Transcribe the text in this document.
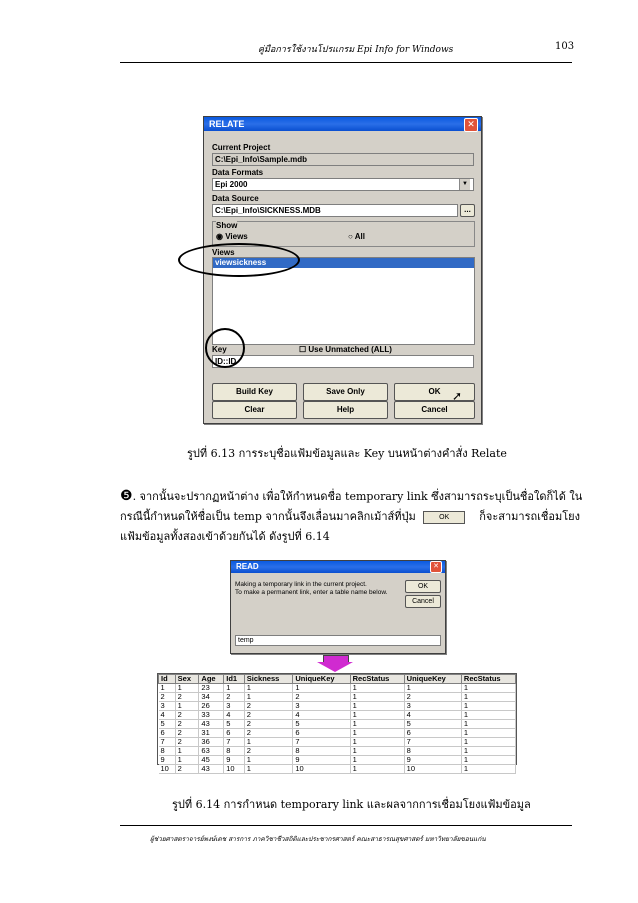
คู่มือการใช้งานโปรแกรม Epi Info for Windows	103
RELATE	✕
Current Project
C:\Epi_Info\Sample.mdb
Data Formats
Epi 2000	▼
Data Source
C:\Epi_Info\SICKNESS.MDB	...
Show
◉ Views	○ All
Views
viewsickness
Key	☐ Use Unmatched (ALL)
ID::ID
Build Key	Save Only	OK
Clear	Help	Cancel
➚
รูปที่ 6.13 การระบุชื่อแฟ้มข้อมูลและ Key บนหน้าต่างคำสั่ง Relate
❺. จากนั้นจะปรากฏหน้าต่าง เพื่อให้กำหนดชื่อ temporary link ซึ่งสามารถระบุเป็นชื่อใดก็ได้ ใน
กรณีนี้กำหนดให้ชื่อเป็น temp จากนั้นจึงเลื่อนมาคลิกเม้าส์ที่ปุ่ม	OK	ก็จะสามารถเชื่อมโยง
แฟ้มข้อมูลทั้งสองเข้าด้วยกันได้ ดังรูปที่ 6.14
READ	✕
Making a temporary link in the current project.
To make a permanent link, enter a table name below.
OK
Cancel
temp
Id	Sex	Age	Id1	Sickness	UniqueKey	RecStatus	UniqueKey	RecStatus
1	1	23	1	1	1	1	1	1
2	2	34	2	1	2	1	2	1
3	1	26	3	2	3	1	3	1
4	2	33	4	2	4	1	4	1
5	2	43	5	2	5	1	5	1
6	2	31	6	2	6	1	6	1
7	2	36	7	1	7	1	7	1
8	1	63	8	2	8	1	8	1
9	1	45	9	1	9	1	9	1
10	2	43	10	1	10	1	10	1
รูปที่ 6.14 การกำหนด temporary link และผลจากการเชื่อมโยงแฟ้มข้อมูล
ผู้ช่วยศาสตราจารย์พงษ์เดช สารการ ภาควิชาชีวสถิติและประชากรศาสตร์ คณะสาธารณสุขศาสตร์ มหาวิทยาลัยขอนแก่น
